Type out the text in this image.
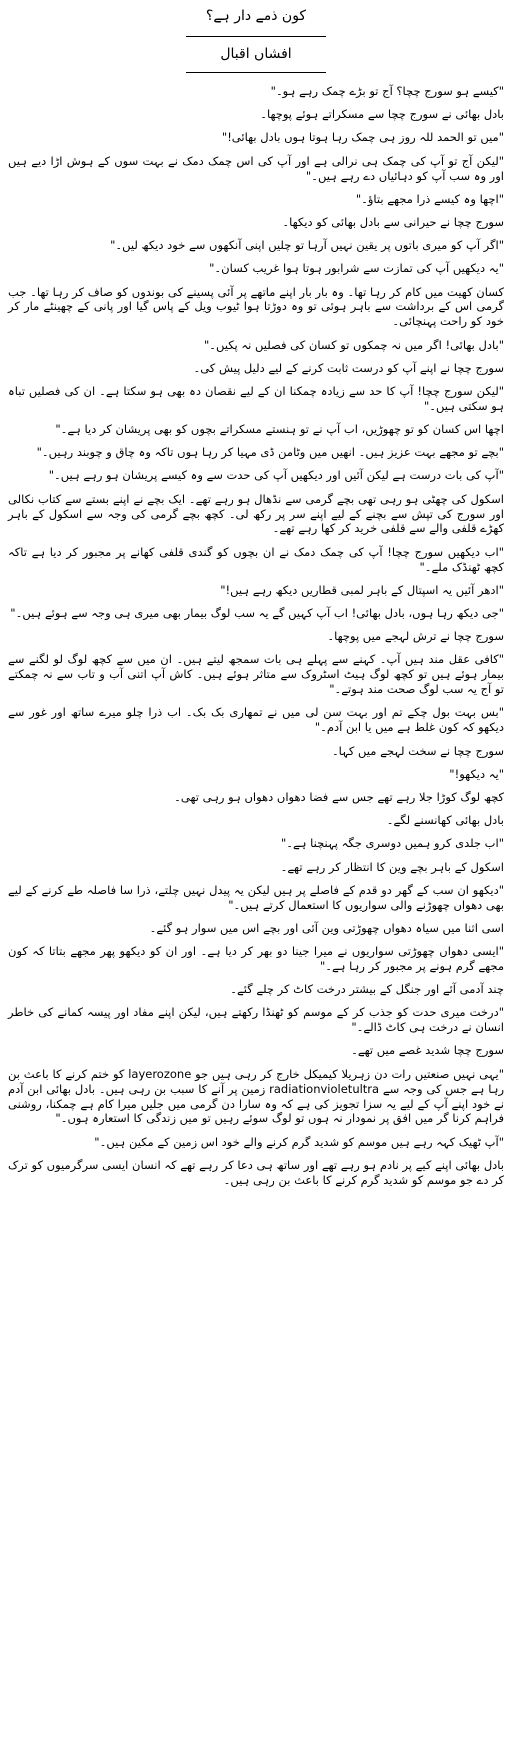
کون ذمے دار ہے؟
افشاں اقبال

"کیسے ہو سورج چچا؟ آج تو بڑے چمک رہے ہو۔"

بادل بھائی نے سورج چچا سے مسکراتے ہوئے پوچھا۔

"میں تو الحمد للہ روز ہی چمک رہا ہوتا ہوں بادل بھائی!"

"لیکن آج تو آپ کی چمک ہی نرالی ہے اور آپ کی اس چمک دمک نے بہت سوں کے ہوش اڑا دیے ہیں اور وہ سب آپ کو دہائیاں دے رہے ہیں۔"

"اچھا وہ کیسے ذرا مجھے بتاؤ۔"

سورج چچا نے حیرانی سے بادل بھائی کو دیکھا۔

"اگر آپ کو میری باتوں پر یقین نہیں آرہا تو چلیں اپنی آنکھوں سے خود دیکھ لیں۔"

"یہ دیکھیں آپ کی تمازت سے شرابور ہوتا ہوا غریب کسان۔"

کسان کھیت میں کام کر رہا تھا۔ وہ بار بار اپنے ماتھے پر آئی پسینے کی بوندوں کو صاف کر رہا تھا۔ جب گرمی اس کے برداشت سے باہر ہوئی تو وہ دوڑتا ہوا ٹیوب ویل کے پاس گیا اور پانی کے چھینٹے مار کر خود کو راحت پہنچائی۔

"بادل بھائی! اگر میں نہ چمکوں تو کسان کی فصلیں نہ پکیں۔"

سورج چچا نے اپنے آپ کو درست ثابت کرنے کے لیے دلیل پیش کی۔

"لیکن سورج چچا! آپ کا حد سے زیادہ چمکنا ان کے لیے نقصان دہ بھی ہو سکتا ہے۔ ان کی فصلیں تباہ ہو سکتی ہیں۔"

اچھا اس کسان کو تو چھوڑیں، اب آپ نے تو ہنستے مسکراتے بچوں کو بھی پریشان کر دیا ہے۔"

"بچے تو مجھے بہت عزیز ہیں۔ انھیں میں وٹامن ڈی مہیا کر رہا ہوں تاکہ وہ چاق و چوبند رہیں۔"

"آپ کی بات درست ہے لیکن آئیں اور دیکھیں آپ کی حدت سے وہ کیسے پریشان ہو رہے ہیں۔"

اسکول کی چھٹی ہو رہی تھی بچے گرمی سے نڈھال ہو رہے تھے۔ ایک بچے نے اپنے بستے سے کتاب نکالی اور سورج کی تپش سے بچنے کے لیے اپنے سر پر رکھ لی۔ کچھ بچے گرمی کی وجہ سے اسکول کے باہر کھڑے قلفی والے سے قلفی خرید کر کھا رہے تھے۔

"اب دیکھیں سورج چچا! آپ کی چمک دمک نے ان بچوں کو گندی قلفی کھانے پر مجبور کر دیا ہے تاکہ کچھ ٹھنڈک ملے۔"

"ادھر آئیں یہ اسپتال کے باہر لمبی قطاریں دیکھ رہے ہیں!"

"جی دیکھ رہا ہوں، بادل بھائی! اب آپ کہیں گے یہ سب لوگ بیمار بھی میری ہی وجہ سے ہوئے ہیں۔"

سورج چچا نے ترش لہجے میں پوچھا۔

"کافی عقل مند ہیں آپ۔ کہنے سے پہلے ہی بات سمجھ لیتے ہیں۔ ان میں سے کچھ لوگ لو لگنے سے بیمار ہوئے ہیں تو کچھ لوگ ہیٹ اسٹروک سے متاثر ہوئے ہیں۔ کاش آپ اتنی آب و تاب سے نہ چمکتے تو آج یہ سب لوگ صحت مند ہوتے۔"

"بس بہت بول چکے تم اور بہت سن لی میں نے تمھاری بک بک۔ اب ذرا چلو میرے ساتھ اور غور سے دیکھو کہ کون غلط ہے میں یا ابن آدم۔"

سورج چچا نے سخت لہجے میں کہا۔

"یہ دیکھو!"

کچھ لوگ کوڑا جلا رہے تھے جس سے فضا دھواں دھواں ہو رہی تھی۔

بادل بھائی کھانسنے لگے۔

"اب جلدی کرو ہمیں دوسری جگہ پہنچنا ہے۔"

اسکول کے باہر بچے وین کا انتظار کر رہے تھے۔

"دیکھو ان سب کے گھر دو قدم کے فاصلے پر ہیں لیکن یہ پیدل نہیں چلتے، ذرا سا فاصلہ طے کرنے کے لیے بھی دھواں چھوڑنے والی سواریوں کا استعمال کرتے ہیں۔"

اسی اثنا میں سیاہ دھواں چھوڑتی وین آئی اور بچے اس میں سوار ہو گئے۔

"ایسی دھواں چھوڑتی سواریوں نے میرا جینا دو بھر کر دیا ہے۔ اور ان کو دیکھو پھر مجھے بتاتا کہ کون مجھے گرم ہونے پر مجبور کر رہا ہے۔"

چند آدمی آئے اور جنگل کے بیشتر درخت کاٹ کر چلے گئے۔

"درخت میری حدت کو جذب کر کے موسم کو ٹھنڈا رکھتے ہیں، لیکن اپنے مفاد اور پیسہ کمانے کی خاطر انسان نے درخت ہی کاٹ ڈالے۔"

سورج چچا شدید غصے میں تھے۔

"یہی نہیں صنعتیں رات دن زہریلا کیمیکل خارج کر رہی ہیں جو layerozone کو ختم کرنے کا باعث بن رہا ہے جس کی وجہ سے radiationvioletultra زمین پر آنے کا سبب بن رہی ہیں۔ بادل بھائی ابن آدم نے خود اپنے آپ کے لیے یہ سزا تجویز کی ہے کہ وہ سارا دن گرمی میں جلیں میرا کام ہے چمکنا، روشنی فراہم کرنا گر میں افق پر نمودار نہ ہوں تو لوگ سوئے رہیں تو میں زندگی کا استعارہ ہوں۔"

"آپ ٹھیک کہہ رہے ہیں موسم کو شدید گرم کرنے والے خود اس زمین کے مکین ہیں۔"

بادل بھائی اپنے کیے پر نادم ہو رہے تھے اور ساتھ ہی دعا کر رہے تھے کہ انسان ایسی سرگرمیوں کو ترک کر دے جو موسم کو شدید گرم کرنے کا باعث بن رہی ہیں۔
